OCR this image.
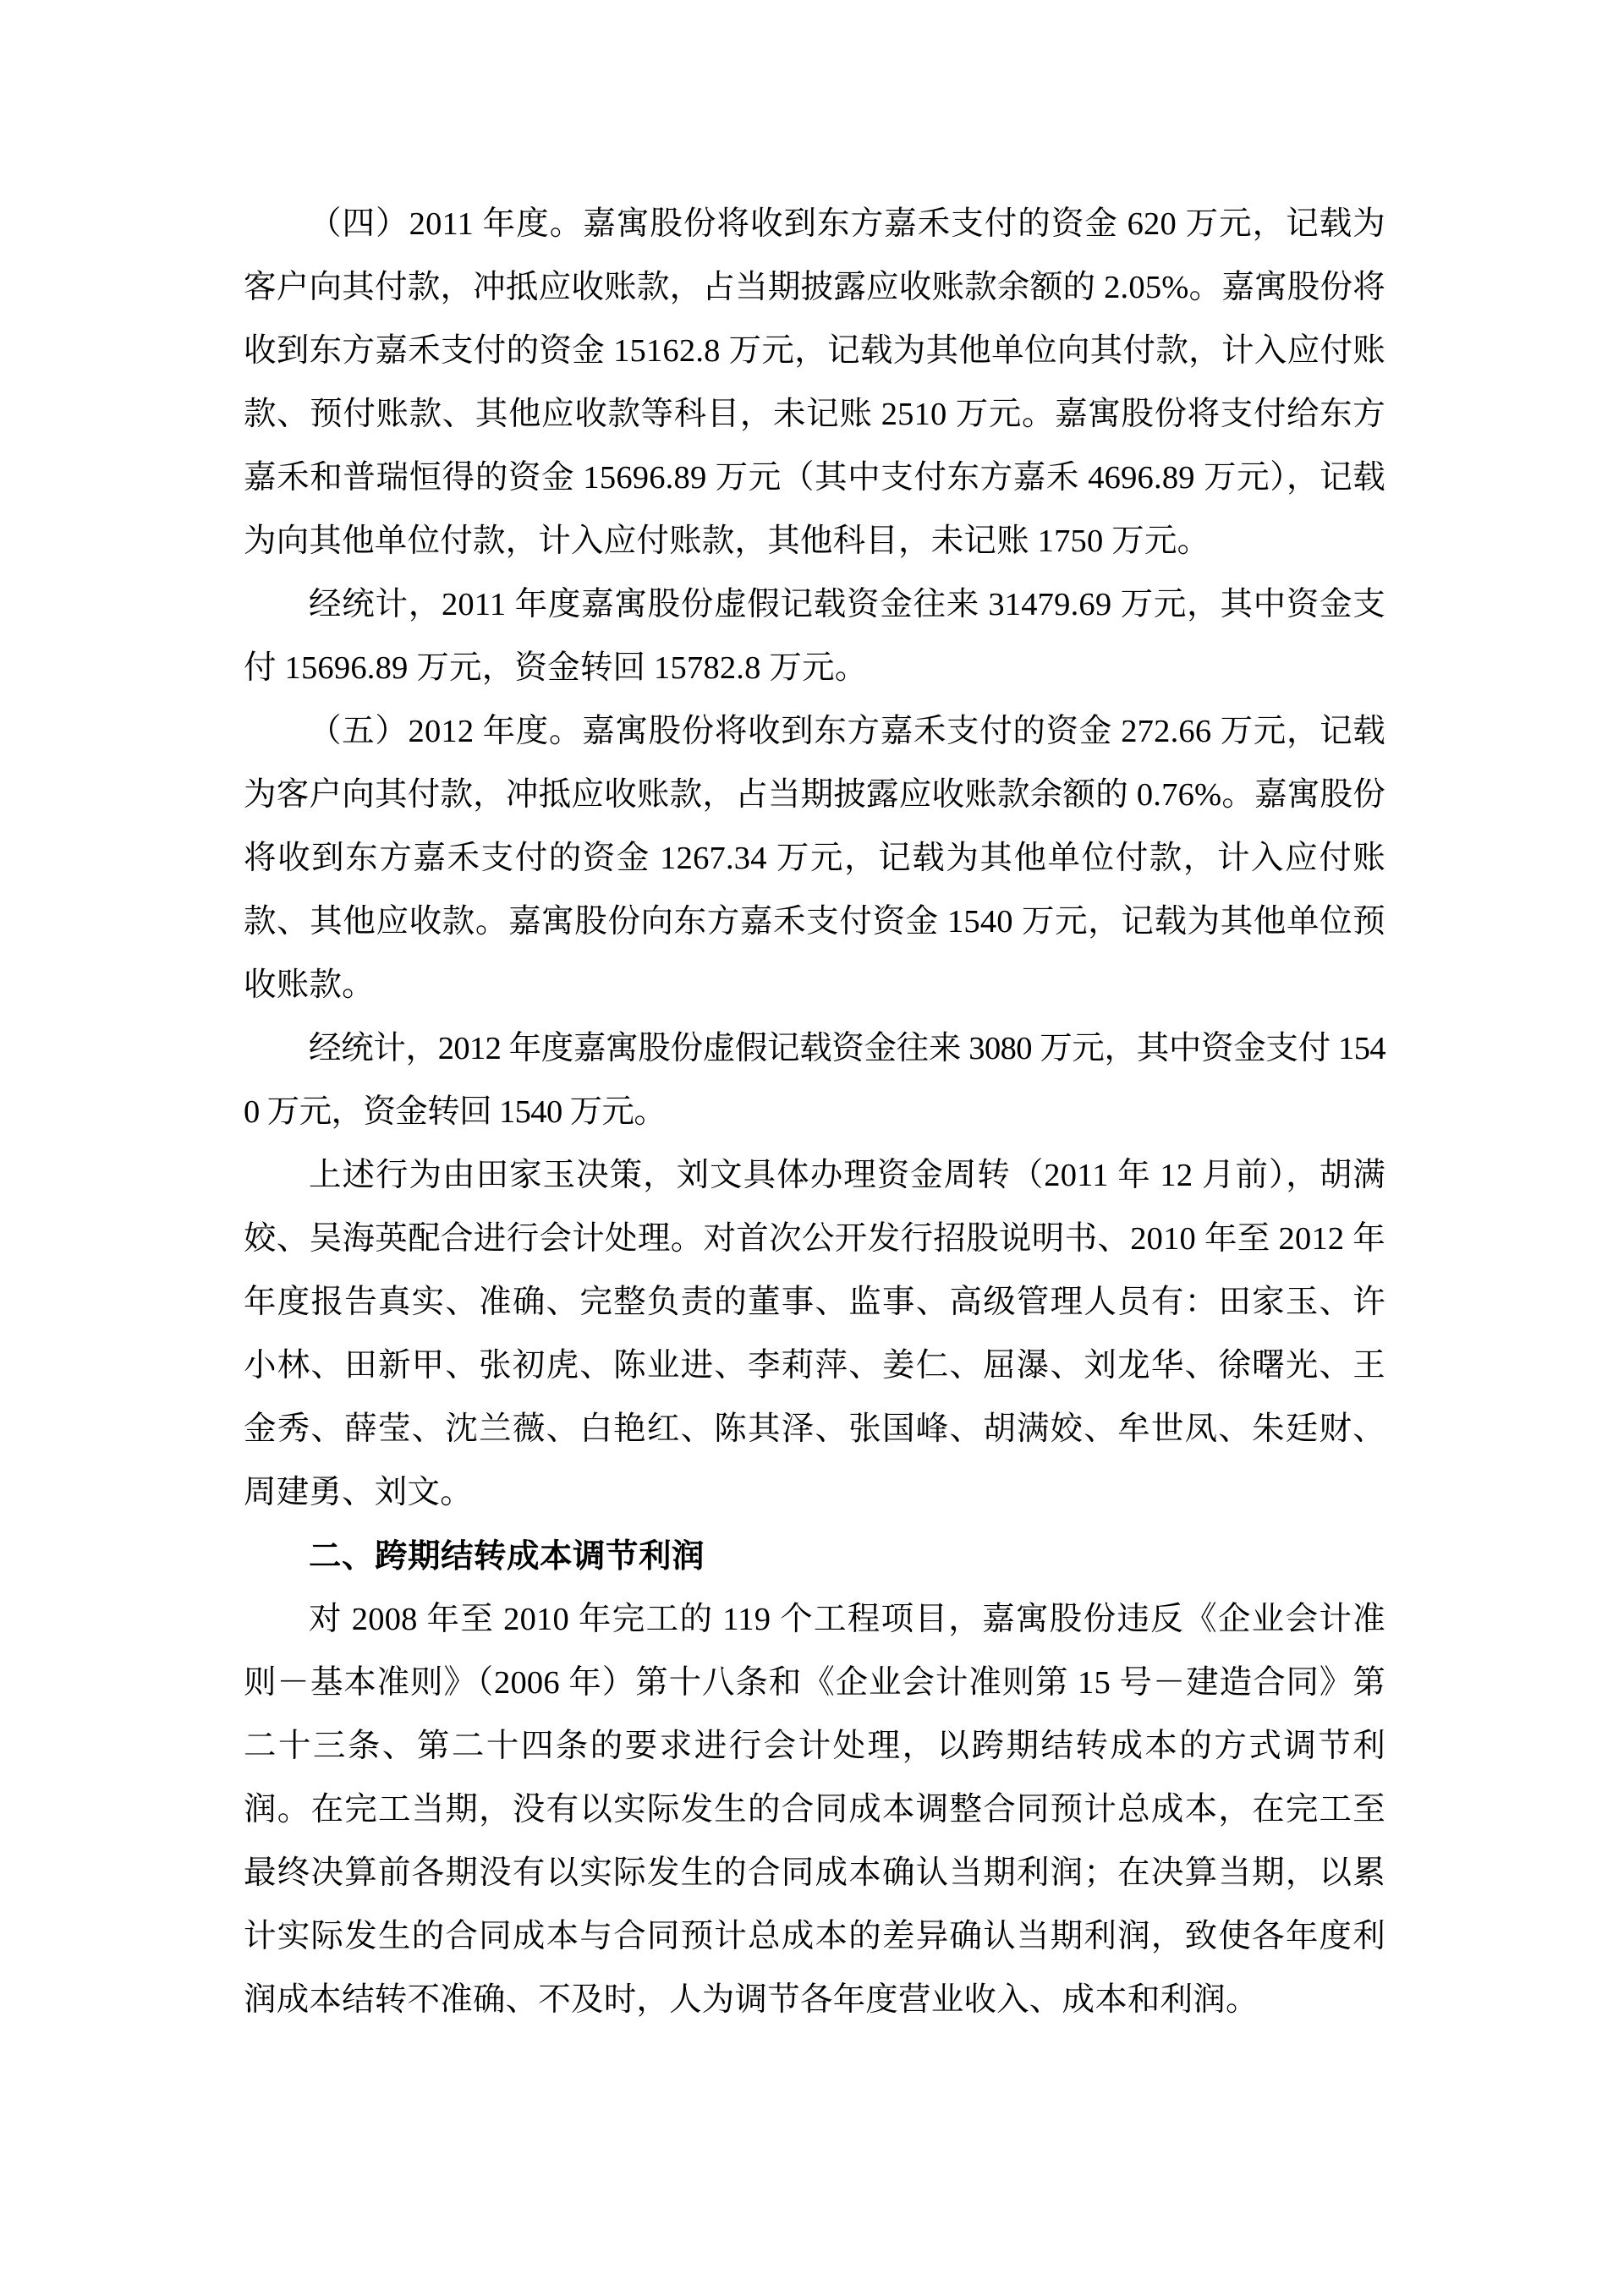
（四）2011 年度。嘉寓股份将收到东方嘉禾支付的资金 620 万元，记载为客户向其付款，冲抵应收账款，占当期披露应收账款余额的 2.05%。嘉寓股份将收到东方嘉禾支付的资金 15162.8 万元，记载为其他单位向其付款，计入应付账款、预付账款、其他应收款等科目，未记账 2510 万元。嘉寓股份将支付给东方嘉禾和普瑞恒得的资金 15696.89 万元（其中支付东方嘉禾 4696.89 万元），记载为向其他单位付款，计入应付账款，其他科目，未记账 1750 万元。

经统计，2011 年度嘉寓股份虚假记载资金往来 31479.69 万元，其中资金支付 15696.89 万元，资金转回 15782.8 万元。

（五）2012 年度。嘉寓股份将收到东方嘉禾支付的资金 272.66 万元，记载为客户向其付款，冲抵应收账款，占当期披露应收账款余额的 0.76%。嘉寓股份将收到东方嘉禾支付的资金 1267.34 万元，记载为其他单位付款，计入应付账款、其他应收款。嘉寓股份向东方嘉禾支付资金 1540 万元，记载为其他单位预收账款。

经统计，2012 年度嘉寓股份虚假记载资金往来 3080 万元，其中资金支付 1540 万元，资金转回 1540 万元。

上述行为由田家玉决策，刘文具体办理资金周转（2011 年 12 月前），胡满姣、吴海英配合进行会计处理。对首次公开发行招股说明书、2010 年至 2012 年年度报告真实、准确、完整负责的董事、监事、高级管理人员有：田家玉、许小林、田新甲、张初虎、陈业进、李莉萍、姜仁、屈瀑、刘龙华、徐曙光、王金秀、薛莹、沈兰薇、白艳红、陈其泽、张国峰、胡满姣、牟世凤、朱廷财、周建勇、刘文。

二、跨期结转成本调节利润

对 2008 年至 2010 年完工的 119 个工程项目，嘉寓股份违反《企业会计准则－基本准则》（2006 年）第十八条和《企业会计准则第 15 号－建造合同》第二十三条、第二十四条的要求进行会计处理，以跨期结转成本的方式调节利润。在完工当期，没有以实际发生的合同成本调整合同预计总成本，在完工至最终决算前各期没有以实际发生的合同成本确认当期利润；在决算当期，以累计实际发生的合同成本与合同预计总成本的差异确认当期利润，致使各年度利润成本结转不准确、不及时，人为调节各年度营业收入、成本和利润。
